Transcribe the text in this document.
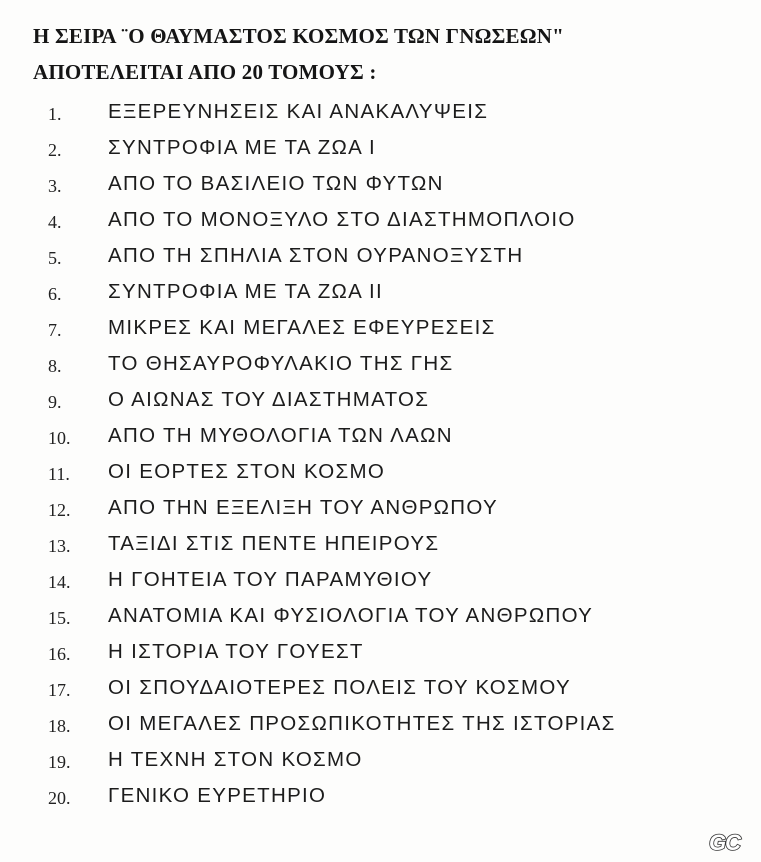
Η ΣΕΙΡΑ ¨Ο ΘΑΥΜΑΣΤΟΣ ΚΟΣΜΟΣ ΤΩΝ ΓΝΩΣΕΩΝ"
ΑΠΟΤΕΛΕΙΤΑΙ ΑΠΟ 20 ΤΟΜΟΥΣ :
1.	ΕΞΕΡΕΥΝΗΣΕΙΣ ΚΑΙ ΑΝΑΚΑΛΥΨΕΙΣ
2.	ΣΥΝΤΡΟΦΙΑ ΜΕ ΤΑ ΖΩΑ Ι
3.	ΑΠΟ ΤΟ ΒΑΣΙΛΕΙΟ ΤΩΝ ΦΥΤΩΝ
4.	ΑΠΟ ΤΟ ΜΟΝΟΞΥΛΟ ΣΤΟ ΔΙΑΣΤΗΜΟΠΛΟΙΟ
5.	ΑΠΟ ΤΗ ΣΠΗΛΙΑ ΣΤΟΝ ΟΥΡΑΝΟΞΥΣΤΗ
6.	ΣΥΝΤΡΟΦΙΑ ΜΕ ΤΑ ΖΩΑ ΙΙ
7.	ΜΙΚΡΕΣ ΚΑΙ ΜΕΓΑΛΕΣ ΕΦΕΥΡΕΣΕΙΣ
8.	ΤΟ ΘΗΣΑΥΡΟΦΥΛΑΚΙΟ ΤΗΣ ΓΗΣ
9.	Ο ΑΙΩΝΑΣ ΤΟΥ ΔΙΑΣΤΗΜΑΤΟΣ
10.	ΑΠΟ ΤΗ ΜΥΘΟΛΟΓΙΑ ΤΩΝ ΛΑΩΝ
11.	ΟΙ ΕΟΡΤΕΣ ΣΤΟΝ ΚΟΣΜΟ
12.	ΑΠΟ ΤΗΝ ΕΞΕΛΙΞΗ ΤΟΥ ΑΝΘΡΩΠΟΥ
13.	ΤΑΞΙΔΙ ΣΤΙΣ ΠΕΝΤΕ ΗΠΕΙΡΟΥΣ
14.	Η ΓΟΗΤΕΙΑ ΤΟΥ ΠΑΡΑΜΥΘΙΟΥ
15.	ΑΝΑΤΟΜΙΑ ΚΑΙ ΦΥΣΙΟΛΟΓΙΑ ΤΟΥ ΑΝΘΡΩΠΟΥ
16.	Η ΙΣΤΟΡΙΑ ΤΟΥ ΓΟΥΕΣΤ
17.	ΟΙ ΣΠΟΥΔΑΙΟΤΕΡΕΣ ΠΟΛΕΙΣ ΤΟΥ ΚΟΣΜΟΥ
18.	ΟΙ ΜΕΓΑΛΕΣ ΠΡΟΣΩΠΙΚΟΤΗΤΕΣ ΤΗΣ ΙΣΤΟΡΙΑΣ
19.	Η ΤΕΧΝΗ ΣΤΟΝ ΚΟΣΜΟ
20.	ΓΕΝΙΚΟ ΕΥΡΕΤΗΡΙΟ
GC
